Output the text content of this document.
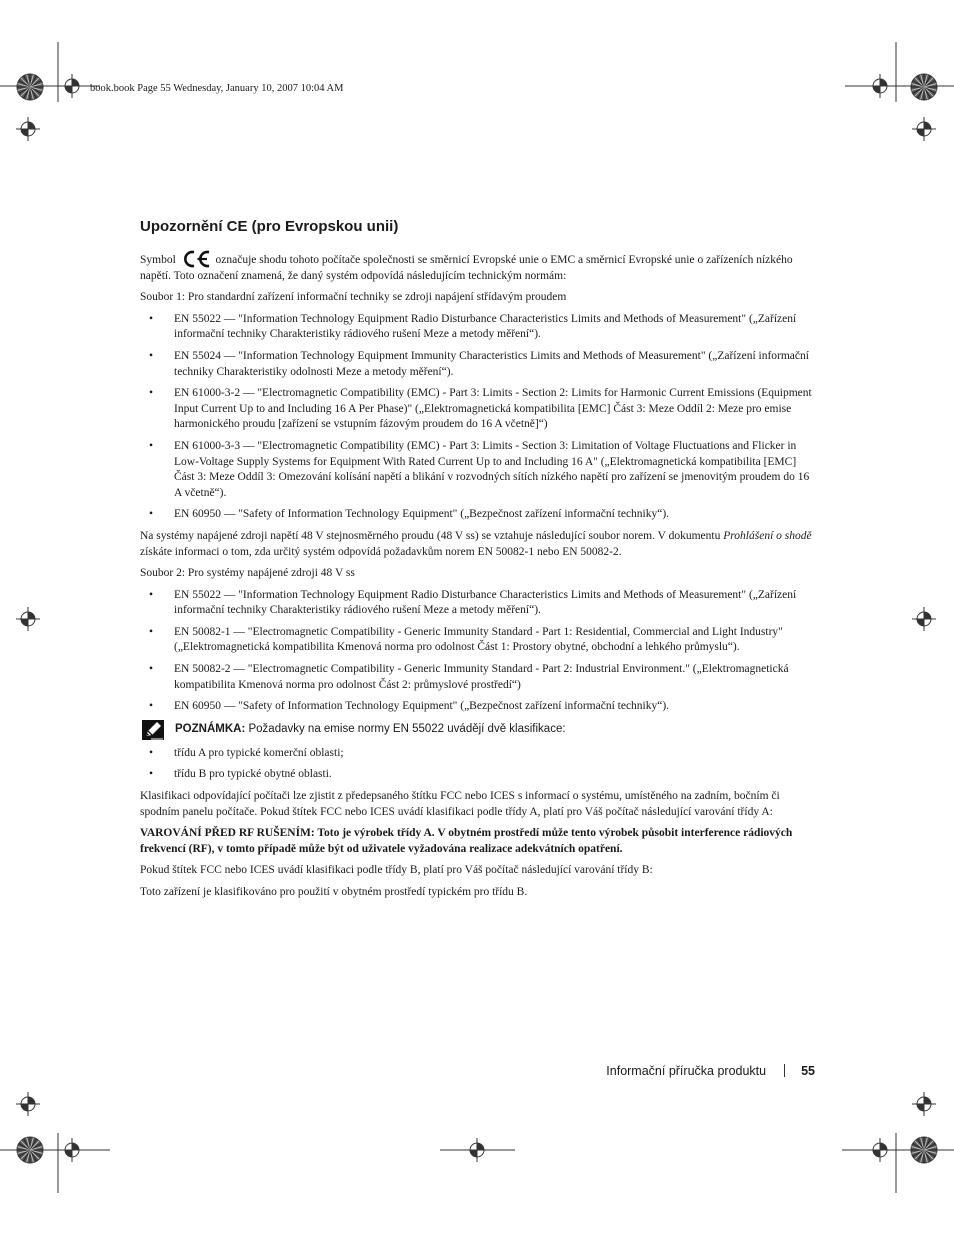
book.book Page 55 Wednesday, January 10, 2007 10:04 AM
Upozornění CE (pro Evropskou unii)

Symbol	označuje shodu tohoto počítače společnosti se směrnicí Evropské unie o EMC a směrnicí Evropské unie o zařízeních nízkého napětí. Toto označení znamená, že daný systém odpovídá následujícím technickým normám:

Soubor 1: Pro standardní zařízení informační techniky se zdroji napájení střídavým proudem

• EN 55022 — "Information Technology Equipment Radio Disturbance Characteristics Limits and Methods of Measurement" („Zařízení informační techniky Charakteristiky rádiového rušení Meze a metody měření“).
• EN 55024 — "Information Technology Equipment Immunity Characteristics Limits and Methods of Measurement" („Zařízení informační techniky Charakteristiky odolnosti Meze a metody měření“).
• EN 61000-3-2 — "Electromagnetic Compatibility (EMC) - Part 3: Limits - Section 2: Limits for Harmonic Current Emissions (Equipment Input Current Up to and Including 16 A Per Phase)" („Elektromagnetická kompatibilita [EMC] Část 3: Meze Oddíl 2: Meze pro emise harmonického proudu [zařízení se vstupním fázovým proudem do 16 A včetně]“)
• EN 61000-3-3 — "Electromagnetic Compatibility (EMC) - Part 3: Limits - Section 3: Limitation of Voltage Fluctuations and Flicker in Low-Voltage Supply Systems for Equipment With Rated Current Up to and Including 16 A" („Elektromagnetická kompatibilita [EMC] Část 3: Meze Oddíl 3: Omezování kolísání napětí a blikání v rozvodných sítích nízkého napětí pro zařízení se jmenovitým proudem do 16 A včetně“).
• EN 60950 — "Safety of Information Technology Equipment" („Bezpečnost zařízení informační techniky“).

Na systémy napájené zdroji napětí 48 V stejnosměrného proudu (48 V ss) se vztahuje následující soubor norem. V dokumentu Prohlášení o shodě získáte informaci o tom, zda určitý systém odpovídá požadavkům norem EN 50082-1 nebo EN 50082-2.

Soubor 2: Pro systémy napájené zdroji 48 V ss

• EN 55022 — "Information Technology Equipment Radio Disturbance Characteristics Limits and Methods of Measurement" („Zařízení informační techniky Charakteristiky rádiového rušení Meze a metody měření“).
• EN 50082-1 — "Electromagnetic Compatibility - Generic Immunity Standard - Part 1: Residential, Commercial and Light Industry" („Elektromagnetická kompatibilita Kmenová norma pro odolnost Část 1: Prostory obytné, obchodní a lehkého průmyslu“).
• EN 50082-2 — "Electromagnetic Compatibility - Generic Immunity Standard - Part 2: Industrial Environment." („Elektromagnetická kompatibilita Kmenová norma pro odolnost Část 2: průmyslové prostředí“)
• EN 60950 — "Safety of Information Technology Equipment" („Bezpečnost zařízení informační techniky“).
POZNÁMKA: Požadavky na emise normy EN 55022 uvádějí dvě klasifikace:
• třídu A pro typické komerční oblasti;
• třídu B pro typické obytné oblasti.

Klasifikaci odpovídající počítači lze zjistit z předepsaného štítku FCC nebo ICES s informací o systému, umístěného na zadním, bočním či spodním panelu počítače. Pokud štítek FCC nebo ICES uvádí klasifikaci podle třídy A, platí pro Váš počítač následující varování třídy A:

VAROVÁNÍ PŘED RF RUŠENÍM: Toto je výrobek třídy A. V obytném prostředí může tento výrobek působit interference rádiových frekvencí (RF), v tomto případě může být od uživatele vyžadována realizace adekvátních opatření.

Pokud štítek FCC nebo ICES uvádí klasifikaci podle třídy B, platí pro Váš počítač následující varování třídy B:

Toto zařízení je klasifikováno pro použití v obytném prostředí typickém pro třídu B.

Informační příručka produktu	55
